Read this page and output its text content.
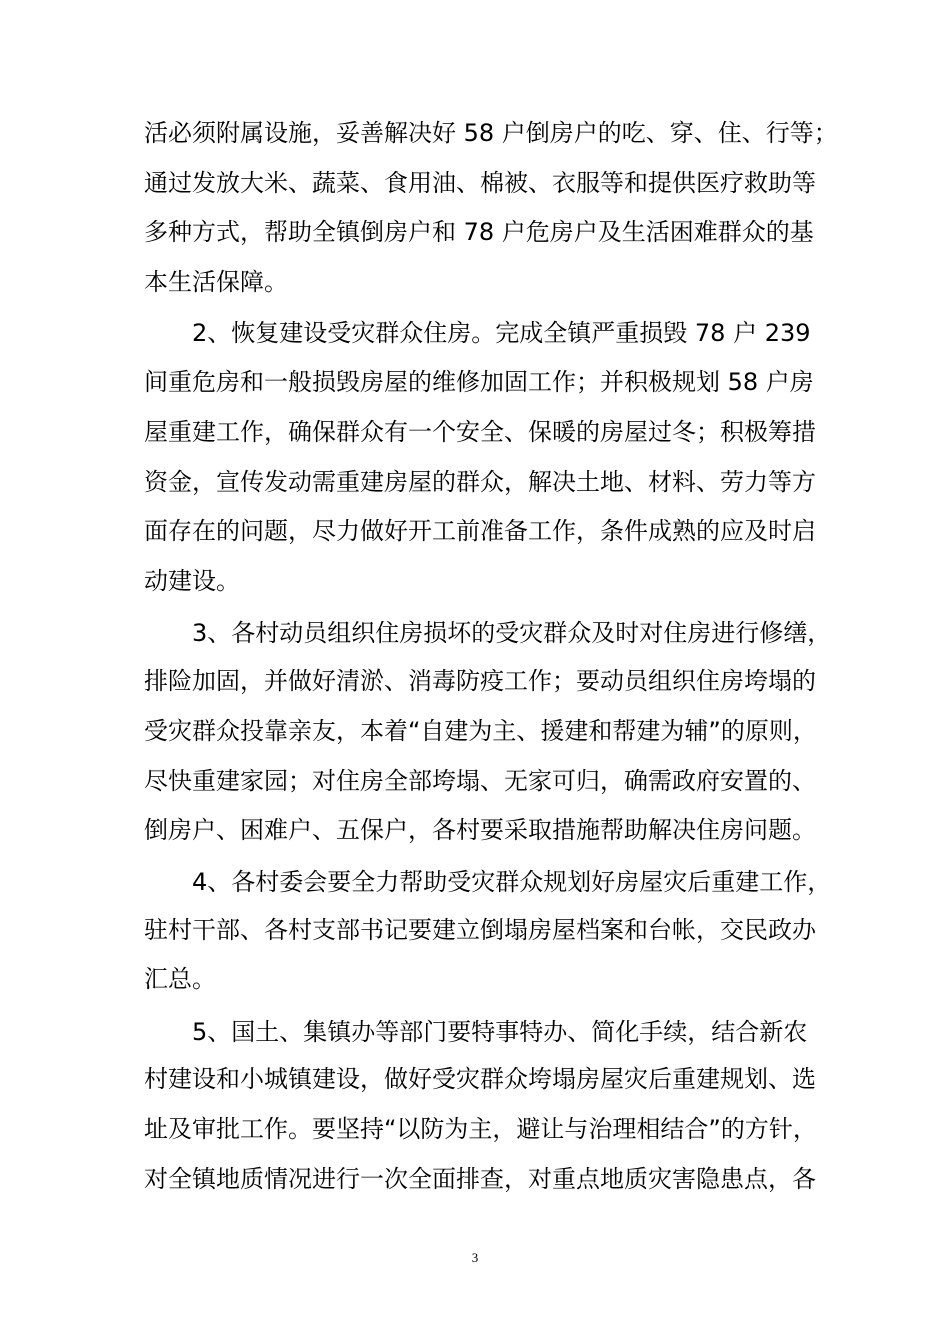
活必须附属设施，妥善解决好 58 户倒房户的吃、穿、住、行等；
通过发放大米、蔬菜、食用油、棉被、衣服等和提供医疗救助等
多种方式，帮助全镇倒房户和 78 户危房户及生活困难群众的基
本生活保障。
2、恢复建设受灾群众住房。完成全镇严重损毁 78 户 239
间重危房和一般损毁房屋的维修加固工作；并积极规划 58 户房
屋重建工作，确保群众有一个安全、保暖的房屋过冬；积极筹措
资金，宣传发动需重建房屋的群众，解决土地、材料、劳力等方
面存在的问题，尽力做好开工前准备工作，条件成熟的应及时启
动建设。
3、各村动员组织住房损坏的受灾群众及时对住房进行修缮，
排险加固，并做好清淤、消毒防疫工作；要动员组织住房垮塌的
受灾群众投靠亲友，本着“自建为主、援建和帮建为辅”的原则，
尽快重建家园；对住房全部垮塌、无家可归，确需政府安置的、
倒房户、困难户、五保户，各村要采取措施帮助解决住房问题。
4、各村委会要全力帮助受灾群众规划好房屋灾后重建工作，
驻村干部、各村支部书记要建立倒塌房屋档案和台帐，交民政办
汇总。
5、国土、集镇办等部门要特事特办、简化手续，结合新农
村建设和小城镇建设，做好受灾群众垮塌房屋灾后重建规划、选
址及审批工作。要坚持“以防为主，避让与治理相结合”的方针，
对全镇地质情况进行一次全面排查，对重点地质灾害隐患点，各
3
